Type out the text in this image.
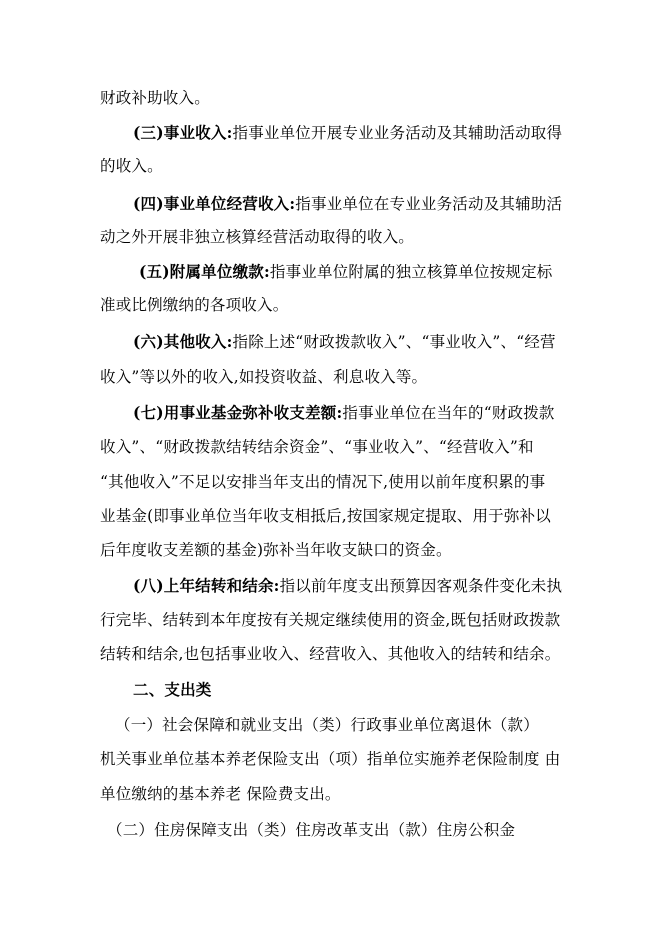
财政补助收入。
(三)事业收入:指事业单位开展专业业务活动及其辅助活动取得
的收入。
(四)事业单位经营收入:指事业单位在专业业务活动及其辅助活
动之外开展非独立核算经营活动取得的收入。
(五)附属单位缴款:指事业单位附属的独立核算单位按规定标
准或比例缴纳的各项收入。
(六)其他收入:指除上述“财政拨款收入”、“事业收入”、“经营
收入”等以外的收入,如投资收益、利息收入等。
(七)用事业基金弥补收支差额:指事业单位在当年的“财政拨款
收入”、“财政拨款结转结余资金”、“事业收入”、“经营收入”和
“其他收入”不足以安排当年支出的情况下,使用以前年度积累的事
业基金(即事业单位当年收支相抵后,按国家规定提取、用于弥补以
后年度收支差额的基金)弥补当年收支缺口的资金。
(八)上年结转和结余:指以前年度支出预算因客观条件变化未执
行完毕、结转到本年度按有关规定继续使用的资金,既包括财政拨款
结转和结余,也包括事业收入、经营收入、其他收入的结转和结余。
二、支出类
（一）社会保障和就业支出（类）行政事业单位离退休（款）
机关事业单位基本养老保险支出（项）指单位实施养老保险制度 由
单位缴纳的基本养老 保险费支出。
（二）住房保障支出（类）住房改革支出（款）住房公积金
